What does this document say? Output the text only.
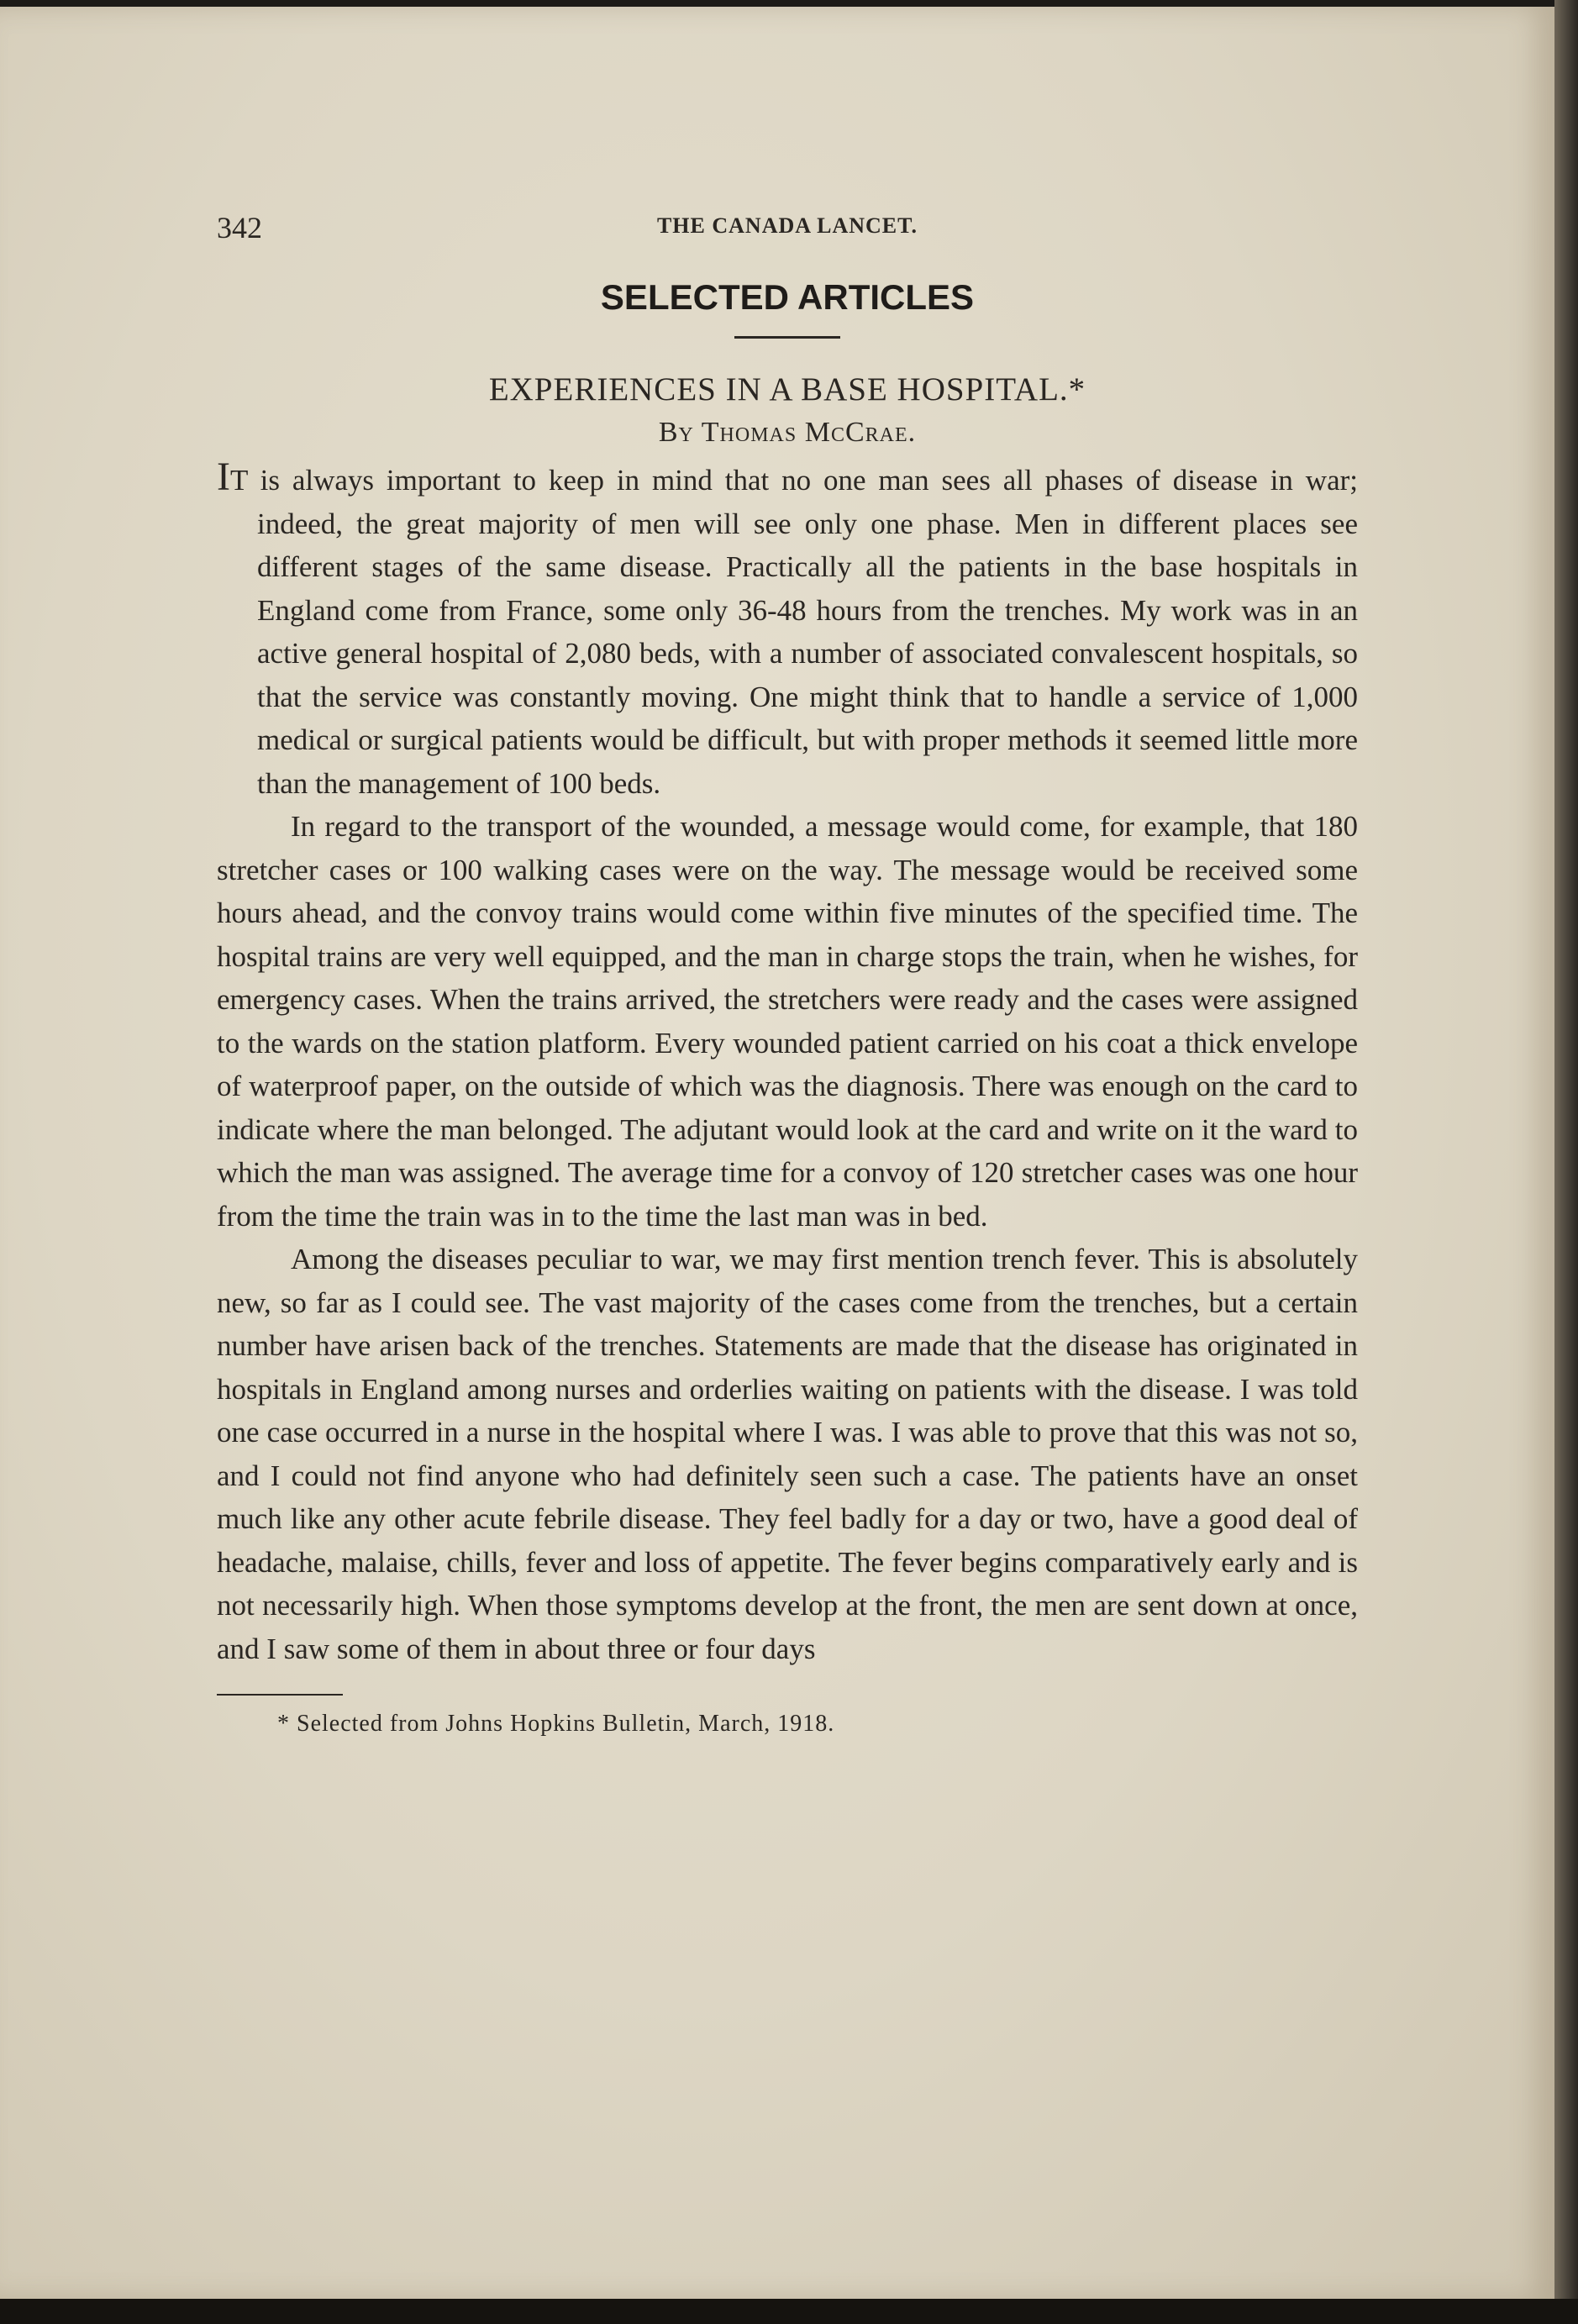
342	THE CANADA LANCET.
SELECTED ARTICLES
EXPERIENCES IN A BASE HOSPITAL.*
By Thomas McCrae.

IT is always important to keep in mind that no one man sees all phases of disease in war; indeed, the great majority of men will see only one phase. Men in different places see different stages of the same disease. Practically all the patients in the base hospitals in England come from France, some only 36-48 hours from the trenches. My work was in an active general hospital of 2,080 beds, with a number of associated convalescent hospitals, so that the service was constantly moving. One might think that to handle a service of 1,000 medical or surgical patients would be difficult, but with proper methods it seemed little more than the management of 100 beds.

In regard to the transport of the wounded, a message would come, for example, that 180 stretcher cases or 100 walking cases were on the way. The message would be received some hours ahead, and the convoy trains would come within five minutes of the specified time. The hospital trains are very well equipped, and the man in charge stops the train, when he wishes, for emergency cases. When the trains arrived, the stretchers were ready and the cases were assigned to the wards on the station platform. Every wounded patient carried on his coat a thick envelope of waterproof paper, on the outside of which was the diagnosis. There was enough on the card to indicate where the man belonged. The adjutant would look at the card and write on it the ward to which the man was assigned. The average time for a convoy of 120 stretcher cases was one hour from the time the train was in to the time the last man was in bed.

Among the diseases peculiar to war, we may first mention trench fever. This is absolutely new, so far as I could see. The vast majority of the cases come from the trenches, but a certain number have arisen back of the trenches. Statements are made that the disease has originated in hospitals in England among nurses and orderlies waiting on patients with the disease. I was told one case occurred in a nurse in the hospital where I was. I was able to prove that this was not so, and I could not find anyone who had definitely seen such a case. The patients have an onset much like any other acute febrile disease. They feel badly for a day or two, have a good deal of headache, malaise, chills, fever and loss of appetite. The fever begins comparatively early and is not necessarily high. When those symptoms develop at the front, the men are sent down at once, and I saw some of them in about three or four days

* Selected from Johns Hopkins Bulletin, March, 1918.
